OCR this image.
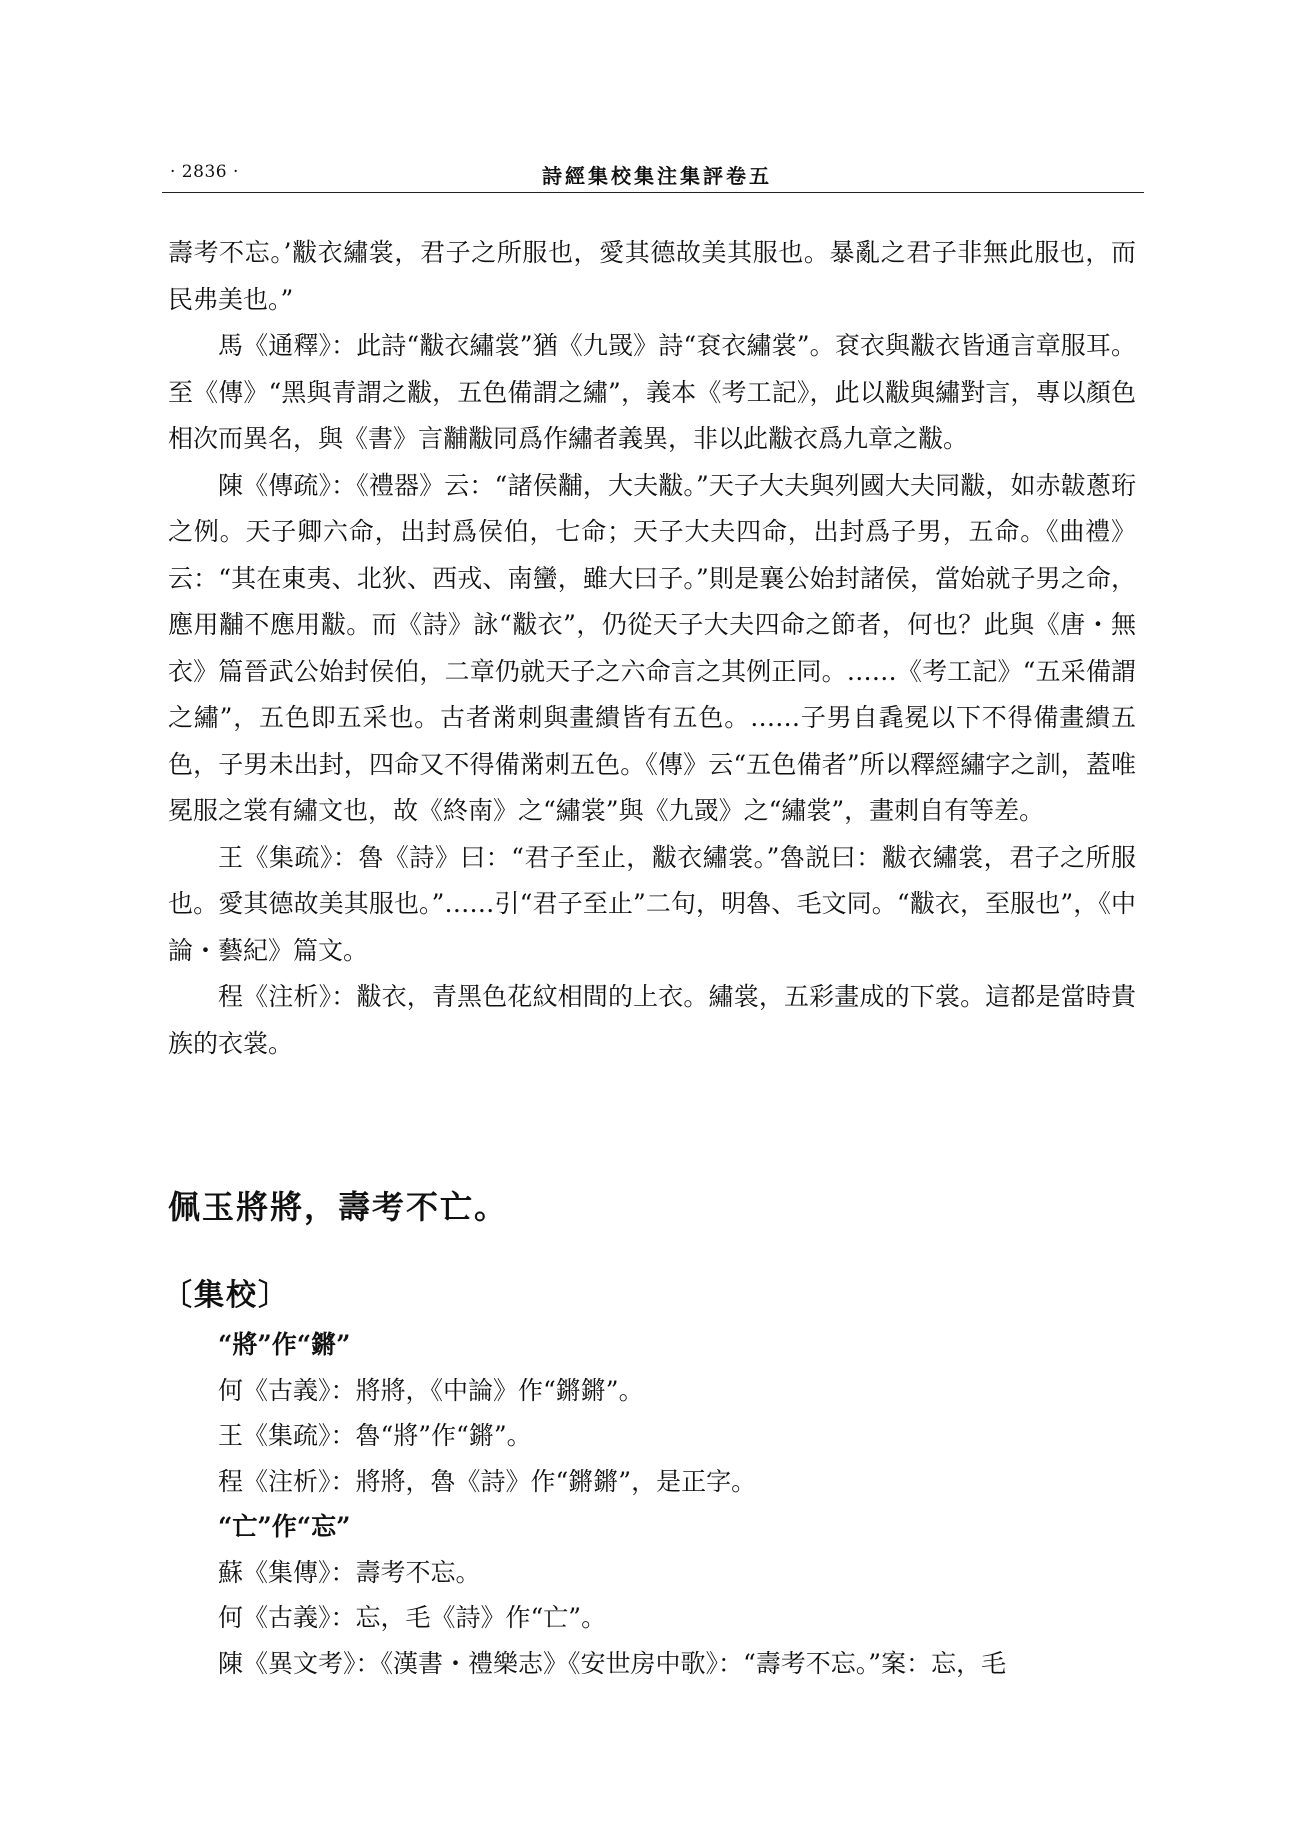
· 2836 ·	詩經集校集注集評卷五

壽考不忘。’黻衣繡裳，君子之所服也，愛其德故美其服也。暴亂之君子非無此服也，而民弗美也。”

馬《通釋》：此詩“黻衣繡裳”猶《九罭》詩“袞衣繡裳”。袞衣與黻衣皆通言章服耳。至《傳》“黑與青謂之黻，五色備謂之繡”，義本《考工記》，此以黻與繡對言，專以顏色相次而異名，與《書》言黼黻同爲作繡者義異，非以此黻衣爲九章之黻。

陳《傳疏》：《禮器》云：“諸侯黼，大夫黻。”天子大夫與列國大夫同黻，如赤韍蔥珩之例。天子卿六命，出封爲侯伯，七命；天子大夫四命，出封爲子男，五命。《曲禮》云：“其在東夷、北狄、西戎、南蠻，雖大曰子。”則是襄公始封諸侯，當始就子男之命，應用黼不應用黻。而《詩》詠“黻衣”，仍從天子大夫四命之節者，何也？此與《唐・無衣》篇晉武公始封侯伯，二章仍就天子之六命言之其例正同。……《考工記》“五采備謂之繡”，五色即五采也。古者黹刺與畫繢皆有五色。……子男自毳冕以下不得備畫繢五色，子男未出封，四命又不得備黹刺五色。《傳》云“五色備者”所以釋經繡字之訓，蓋唯冕服之裳有繡文也，故《終南》之“繡裳”與《九罭》之“繡裳”，畫刺自有等差。

王《集疏》：魯《詩》曰：“君子至止，黻衣繡裳。”魯説曰：黻衣繡裳，君子之所服也。愛其德故美其服也。”……引“君子至止”二句，明魯、毛文同。“黻衣，至服也”，《中論・藝紀》篇文。

程《注析》：黻衣，青黑色花紋相間的上衣。繡裳，五彩畫成的下裳。這都是當時貴族的衣裳。

佩玉將將，壽考不亡。
〔集校〕
“將”作“鏘”
何《古義》：將將，《中論》作“鏘鏘”。
王《集疏》：魯“將”作“鏘”。
程《注析》：將將，魯《詩》作“鏘鏘”，是正字。
“亡”作“忘”
蘇《集傳》：壽考不忘。
何《古義》：忘，毛《詩》作“亡”。
陳《異文考》：《漢書・禮樂志》《安世房中歌》：“壽考不忘。”案：忘，毛
